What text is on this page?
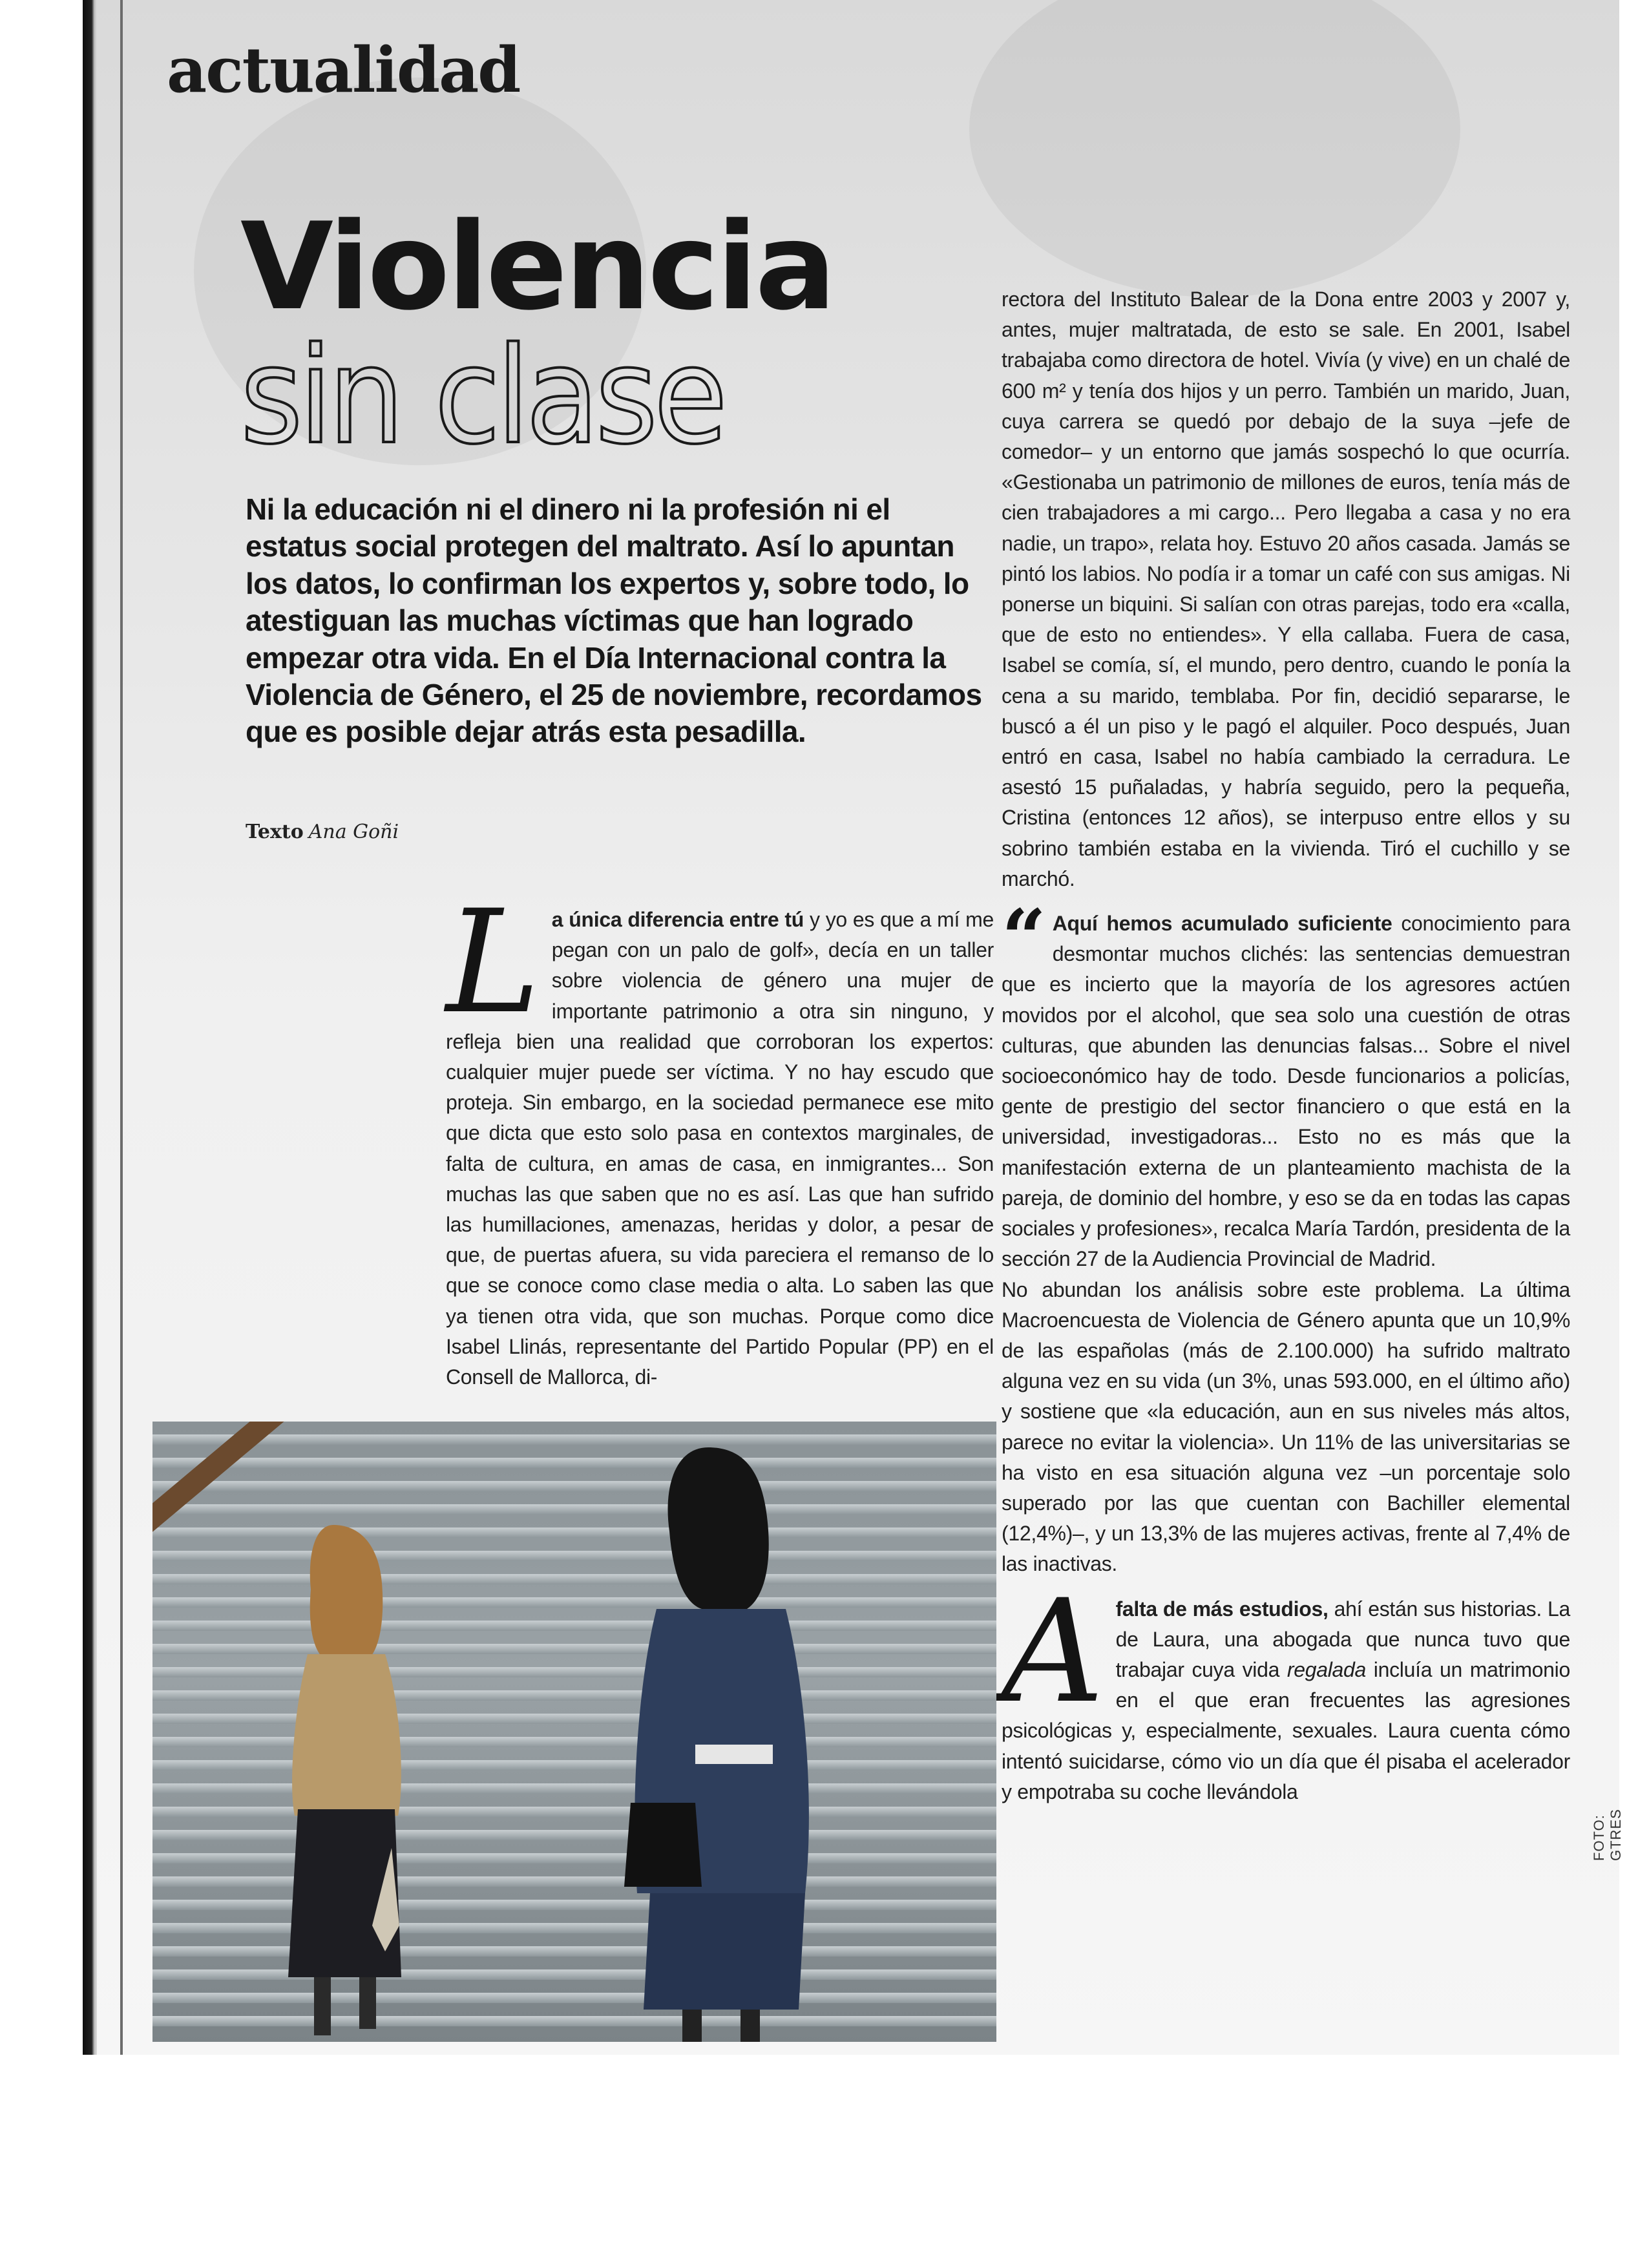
actualidad
Violencia
sin clase
Ni la educación ni el dinero ni la profesión ni el estatus social protegen del maltrato. Así lo apuntan los datos, lo confirman los expertos y, sobre todo, lo atestiguan las muchas víctimas que han logrado empezar otra vida. En el Día Internacional contra la Violencia de Género, el 25 de noviembre, recordamos que es posible dejar atrás esta pesadilla.
Texto Ana Goñi

La única diferencia entre tú y yo es que a mí me pegan con un palo de golf», decía en un taller sobre violencia de género una mujer de importante patrimonio a otra sin ninguno, y refleja bien una realidad que corroboran los expertos: cualquier mujer puede ser víctima. Y no hay escudo que proteja. Sin embargo, en la sociedad permanece ese mito que dicta que esto solo pasa en contextos marginales, de falta de cultura, en amas de casa, en inmigrantes... Son muchas las que saben que no es así. Las que han sufrido las humillaciones, amenazas, heridas y dolor, a pesar de que, de puertas afuera, su vida pareciera el remanso de lo que se conoce como clase media o alta. Lo saben las que ya tienen otra vida, que son muchas. Porque como dice Isabel Llinás, representante del Partido Popular (PP) en el Consell de Mallorca, di-

rectora del Instituto Balear de la Dona entre 2003 y 2007 y, antes, mujer maltratada, de esto se sale. En 2001, Isabel trabajaba como directora de hotel. Vivía (y vive) en un chalé de 600 m² y tenía dos hijos y un perro. También un marido, Juan, cuya carrera se quedó por debajo de la suya –jefe de comedor– y un entorno que jamás sospechó lo que ocurría. «Gestionaba un patrimonio de millones de euros, tenía más de cien trabajadores a mi cargo... Pero llegaba a casa y no era nadie, un trapo», relata hoy. Estuvo 20 años casada. Jamás se pintó los labios. No podía ir a tomar un café con sus amigas. Ni ponerse un biquini. Si salían con otras parejas, todo era «calla, que de esto no entiendes». Y ella callaba. Fuera de casa, Isabel se comía, sí, el mundo, pero dentro, cuando le ponía la cena a su marido, temblaba. Por fin, decidió separarse, le buscó a él un piso y le pagó el alquiler. Poco después, Juan entró en casa, Isabel no había cambiado la cerradura. Le asestó 15 puñaladas, y habría seguido, pero la pequeña, Cristina (entonces 12 años), se interpuso entre ellos y su sobrino también estaba en la vivienda. Tiró el cuchillo y se marchó.

“ Aquí hemos acumulado suficiente conocimiento para desmontar muchos clichés: las sentencias demuestran que es incierto que la mayoría de los agresores actúen movidos por el alcohol, que sea solo una cuestión de otras culturas, que abunden las denuncias falsas... Sobre el nivel socioeconómico hay de todo. Desde funcionarios a policías, gente de prestigio del sector financiero o que está en la universidad, investigadoras... Esto no es más que la manifestación externa de un planteamiento machista de la pareja, de dominio del hombre, y eso se da en todas las capas sociales y profesiones», recalca María Tardón, presidenta de la sección 27 de la Audiencia Provincial de Madrid.

No abundan los análisis sobre este problema. La última Macroencuesta de Violencia de Género apunta que un 10,9% de las españolas (más de 2.100.000) ha sufrido maltrato alguna vez en su vida (un 3%, unas 593.000, en el último año) y sostiene que «la educación, aun en sus niveles más altos, parece no evitar la violencia». Un 11% de las universitarias se ha visto en esa situación alguna vez –un porcentaje solo superado por las que cuentan con Bachiller elemental (12,4%)–, y un 13,3% de las mujeres activas, frente al 7,4% de las inactivas.

A falta de más estudios, ahí están sus historias. La de Laura, una abogada que nunca tuvo que trabajar cuya vida regalada incluía un matrimonio en el que eran frecuentes las agresiones psicológicas y, especialmente, sexuales. Laura cuenta cómo intentó suicidarse, cómo vio un día que él pisaba el acelerador y empotraba su coche llevándola

FOTO: GTRES
